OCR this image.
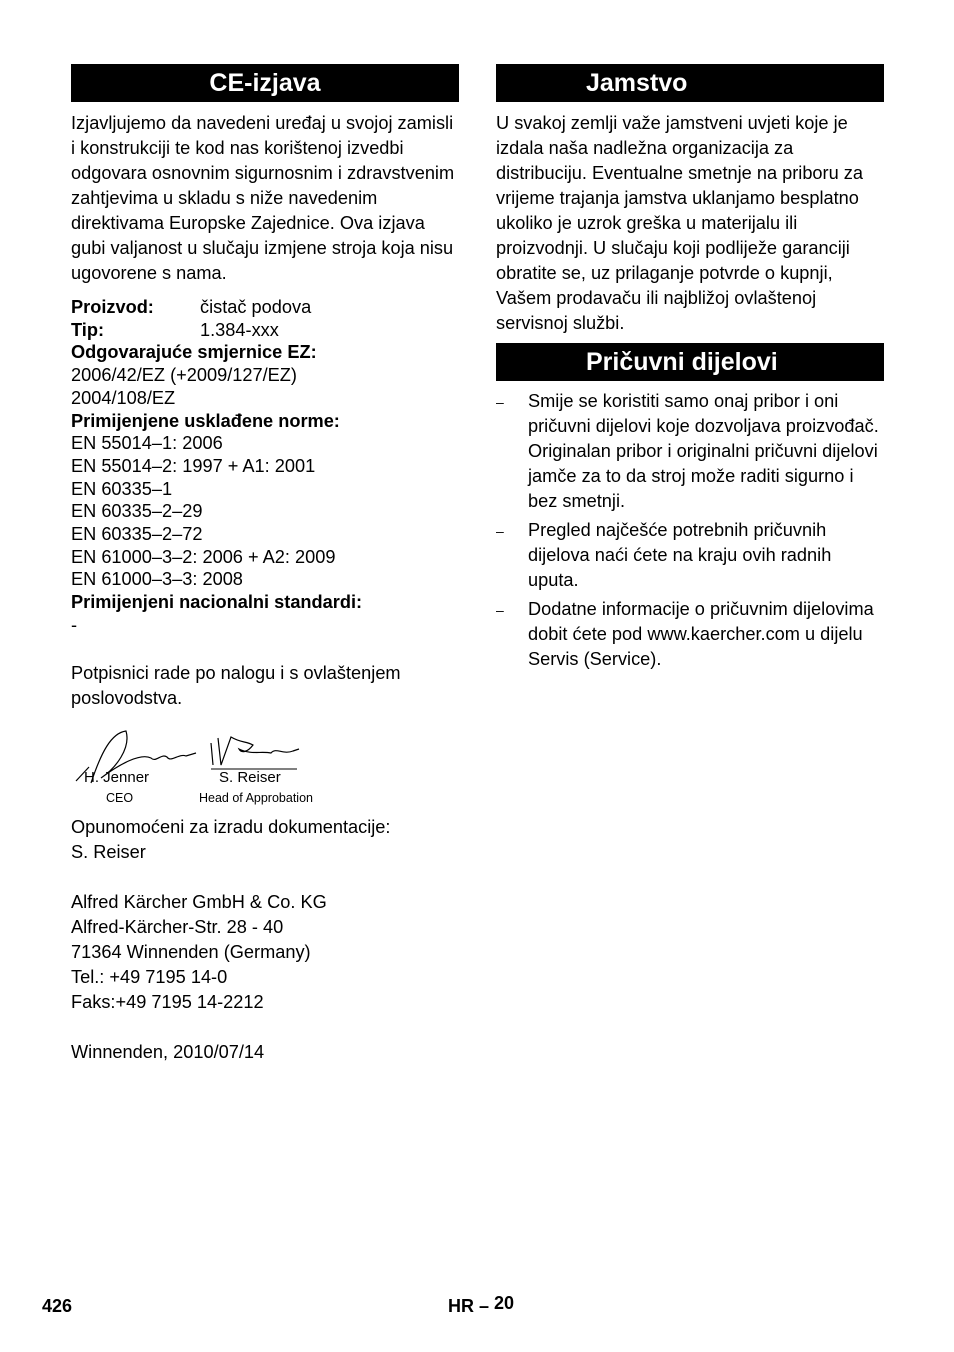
CE-izjava
Izjavljujemo da navedeni uređaj u svojoj zamisli i konstrukciji te kod nas korištenoj izvedbi odgovara osnovnim sigurnosnim i zdravstvenim zahtjevima u skladu s niže navedenim direktivama Europske Zajednice. Ova izjava gubi valjanost u slučaju izmjene stroja koja nisu ugovorene s nama.
Proizvod:	čistač podova
Tip:	1.384-xxx
Odgovarajuće smjernice EZ:
2006/42/EZ (+2009/127/EZ)
2004/108/EZ
Primijenjene usklađene norme:
EN 55014–1: 2006
EN 55014–2: 1997 + A1: 2001
EN 60335–1
EN 60335–2–29
EN 60335–2–72
EN 61000–3–2: 2006 + A2: 2009
EN 61000–3–3: 2008
Primijenjeni nacionalni standardi:
-
Potpisnici rade po nalogu i s ovlaštenjem poslovodstva.
H. Jenner
CEO
S. Reiser
Head of Approbation
Opunomoćeni za izradu dokumentacije:
S. Reiser
Alfred Kärcher GmbH & Co. KG
Alfred-Kärcher-Str. 28 - 40
71364 Winnenden (Germany)
Tel.: +49 7195 14-0
Faks:+49 7195 14-2212
Winnenden, 2010/07/14
Jamstvo
U svakoj zemlji važe jamstveni uvjeti koje je izdala naša nadležna organizacija za distribuciju. Eventualne smetnje na priboru za vrijeme trajanja jamstva uklanjamo besplatno ukoliko je uzrok greška u materijalu ili proizvodnji. U slučaju koji podliježe garanciji obratite se, uz prilaganje potvrde o kupnji, Vašem prodavaču ili najbližoj ovlaštenoj servisnoj službi.
Pričuvni dijelovi
–	Smije se koristiti samo onaj pribor i oni pričuvni dijelovi koje dozvoljava proizvođač. Originalan pribor i originalni pričuvni dijelovi jamče za to da stroj može raditi sigurno i bez smetnji.
–	Pregled najčešće potrebnih pričuvnih dijelova naći ćete na kraju ovih radnih uputa.
–	Dodatne informacije o pričuvnim dijelovima dobit ćete pod www.kaercher.com u dijelu Servis (Service).
426	HR – 20
